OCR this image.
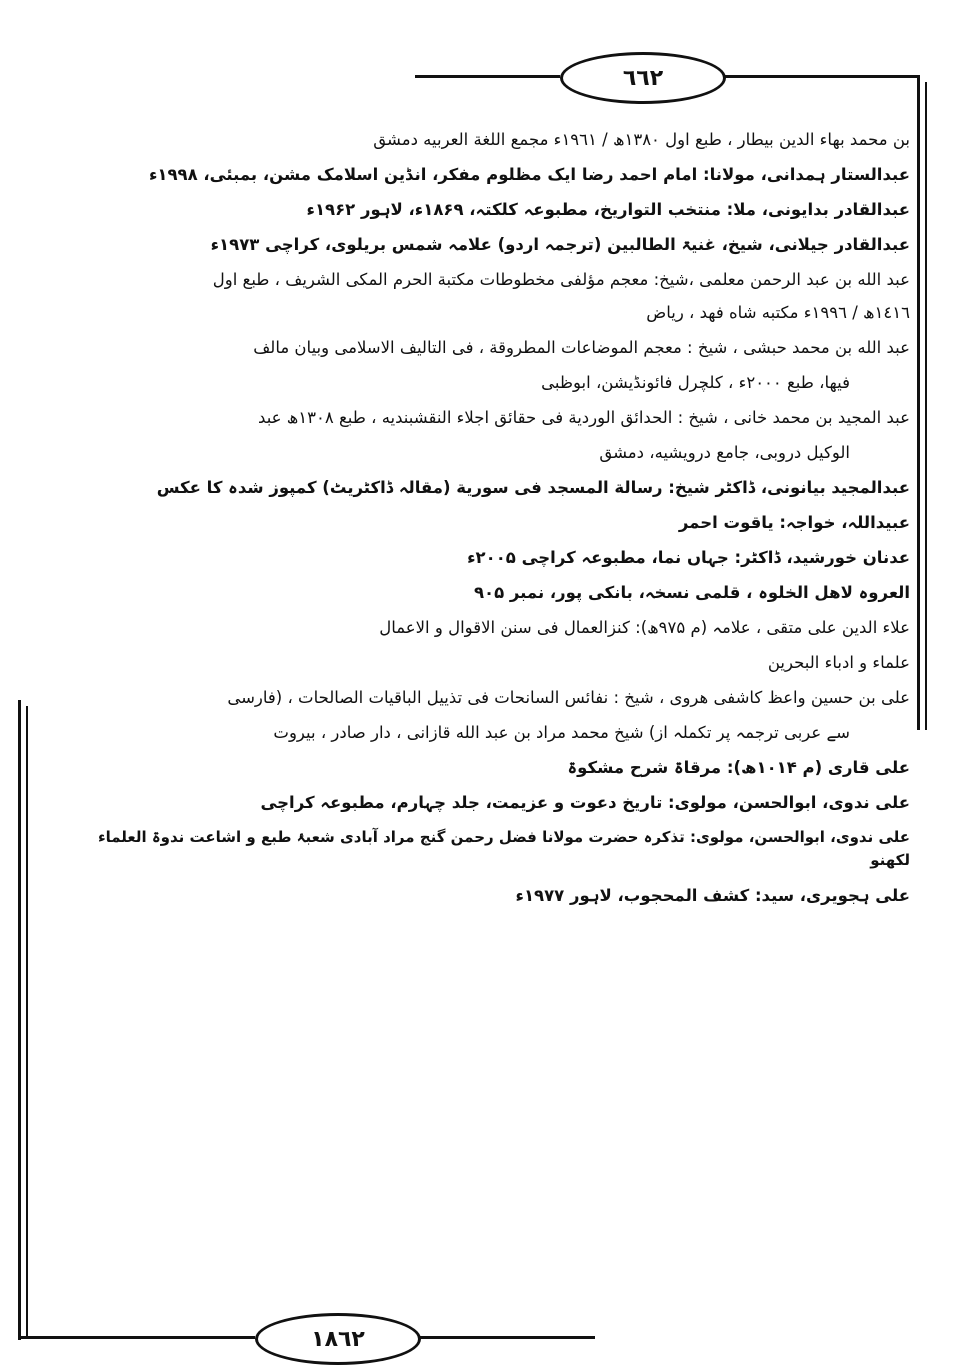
٦٦٢
١٨٦٢
بن محمد بهاء الدين بيطار ، طبع اول ١٣٨٠ھ / ١٩٦١ء مجمع اللغة العربيه دمشق
عبدالستار ہمدانی، مولانا: امام احمد رضا ایک مظلوم مفکر، انڈین اسلامک مشن، بمبئی، ۱۹۹۸ء
عبدالقادر بدایونی، ملا: منتخب التواریخ، مطبوعہ کلکتہ، ۱۸۶۹ء، لاہور ۱۹۶۲ء
عبدالقادر جیلانی، شیخ، غنیۃ الطالبین (ترجمہ اردو) علامہ شمس بریلوی، کراچی ۱۹۷۳ء
عبد الله بن عبد الرحمن معلمی ،شيخ: معجم مؤلفی مخطوطات مكتبة الحرم المكی الشريف ، طبع اول
١٤١٦ھ / ١٩٩٦ء مكتبه شاه فهد ، رياض
عبد الله بن محمد حبشی ، شيخ : معجم الموضاعات المطروقة ، فی التاليف الاسلامی وبيان مالف
فيها، طبع ٢٠٠٠ء ، كلچرل فائونڈيشن، ابوظبی
عبد المجيد بن محمد خانی ، شيخ : الحدائق الوردية فی حقائق اجلاء النقشبنديه ، طبع ١٣٠٨ھ عبد
الوكيل دروبی، جامع درويشيه، دمشق
عبدالمجید بیانونی، ڈاکٹر شیخ: رسالة المسجد فی سورية (مقالہ ڈاکٹریٹ) کمپوز شدہ کا عکس
عبیداللہ، خواجہ: یاقوت احمر
عدنان خورشید، ڈاکٹر: جہاں نما، مطبوعہ کراچی ۲۰۰۵ء
العروہ لاھل الخلوہ ، قلمی نسخہ، بانکی پور، نمبر ۹۰۵
علاء الدین علی متقی ، علامہ (م ۹۷۵ھ): كنزالعمال فی سنن الاقوال و الاعمال
علماء و ادباء البحرين
علی بن حسين واعظ كاشفی هروی ، شيخ : نفائس السانحات فی تذييل الباقيات الصالحات ، (فارسی
سے عربی ترجمہ پر تکملہ از) شيخ محمد مراد بن عبد الله قازانی ، دار صادر ، بيروت
علی قاری (م ۱۰۱۴ھ): مرقاۃ شرح مشکوۃ
علی ندوی، ابوالحسن، مولوی: تاریخ دعوت و عزیمت، جلد چہارم، مطبوعہ کراچی
علی ندوی، ابوالحسن، مولوی: تذکرہ حضرت مولانا فضل رحمن گنج مراد آبادی شعبۂ طبع و اشاعت ندوۃ العلماء لکھنو
علی ہجویری، سید: کشف المحجوب، لاہور ۱۹۷۷ء
